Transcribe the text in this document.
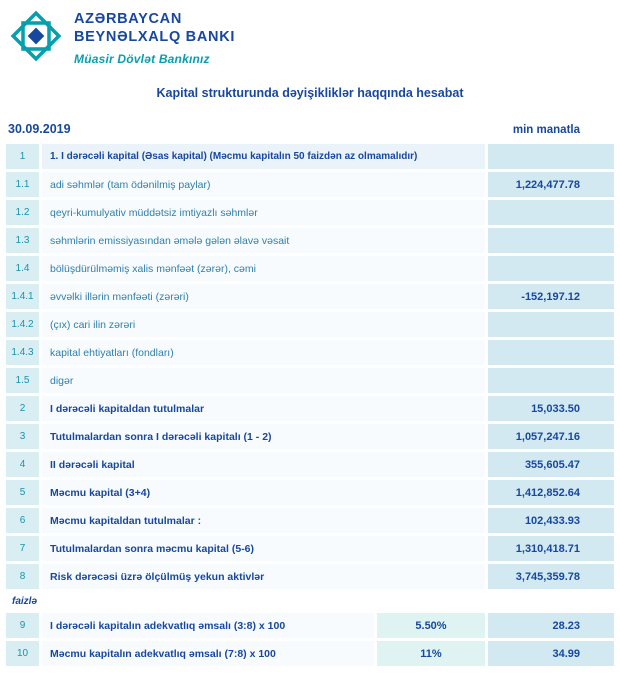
AZƏRBAYCAN
BEYNƏLXALQ BANKI
Müasir Dövlət Bankınız
Kapital strukturunda dəyişikliklər haqqında hesabat
30.09.2019	min manatla
1	1. I dərəcəli kapital (Əsas kapital) (Məcmu kapitalın 50 faizdən az olmamalıdır)
1.1	adi səhmlər (tam ödənilmiş paylar)	1,224,477.78
1.2	qeyri-kumulyativ müddətsiz imtiyazlı səhmlər
1.3	səhmlərin emissiyasından əmələ gələn əlavə vəsait
1.4	bölüşdürülməmiş xalis mənfəət (zərər), cəmi
1.4.1	əvvəlki illərin mənfəəti (zərəri)	-152,197.12
1.4.2	(çıx) cari ilin zərəri
1.4.3	kapital ehtiyatları (fondları)
1.5	digər
2	I dərəcəli kapitaldan tutulmalar	15,033.50
3	Tutulmalardan sonra I dərəcəli kapitalı (1 - 2)	1,057,247.16
4	II dərəcəli kapital	355,605.47
5	Məcmu kapital (3+4)	1,412,852.64
6	Məcmu kapitaldan tutulmalar :	102,433.93
7	Tutulmalardan sonra məcmu kapital (5-6)	1,310,418.71
8	Risk dərəcəsi üzrə ölçülmüş yekun aktivlər	3,745,359.78
faizlə
9	I dərəcəli kapitalın adekvatlıq əmsalı (3:8) x 100	5.50%	28.23
10	Məcmu kapitalın adekvatlıq əmsalı (7:8) x 100	11%	34.99
